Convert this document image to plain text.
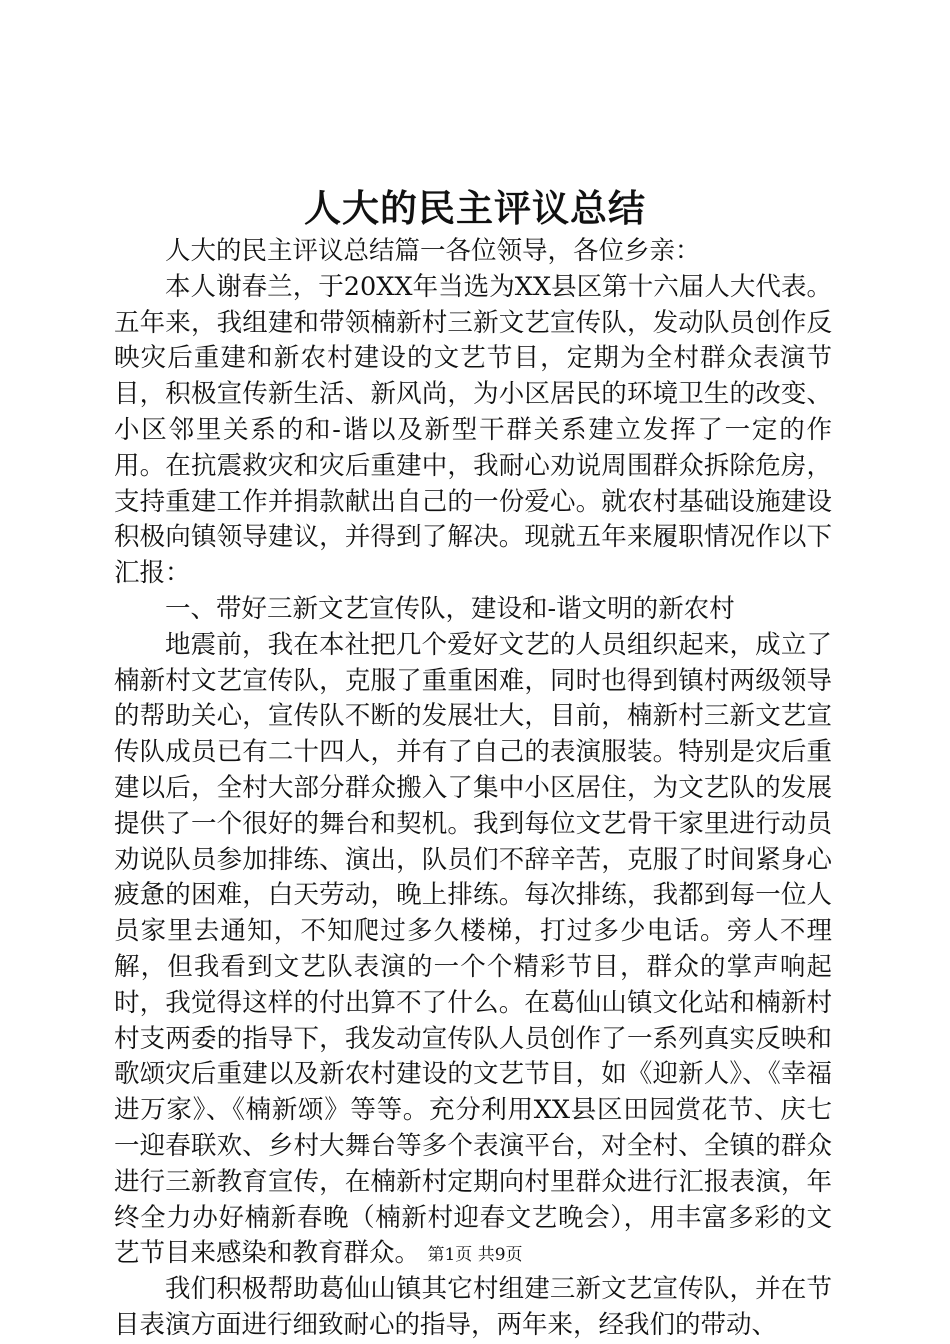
人大的民主评议总结

人大的民主评议总结篇一各位领导，各位乡亲：

本人谢春兰，于20XX年当选为XX县区第十六届人大代表。五年来，我组建和带领楠新村三新文艺宣传队，发动队员创作反映灾后重建和新农村建设的文艺节目，定期为全村群众表演节目，积极宣传新生活、新风尚，为小区居民的环境卫生的改变、小区邻里关系的和-谐以及新型干群关系建立发挥了一定的作用。在抗震救灾和灾后重建中，我耐心劝说周围群众拆除危房，支持重建工作并捐款献出自己的一份爱心。就农村基础设施建设积极向镇领导建议，并得到了解决。现就五年来履职情况作以下汇报：

一、带好三新文艺宣传队，建设和-谐文明的新农村

地震前，我在本社把几个爱好文艺的人员组织起来，成立了楠新村文艺宣传队，克服了重重困难，同时也得到镇村两级领导的帮助关心，宣传队不断的发展壮大，目前，楠新村三新文艺宣传队成员已有二十四人，并有了自己的表演服装。特别是灾后重建以后，全村大部分群众搬入了集中小区居住，为文艺队的发展提供了一个很好的舞台和契机。我到每位文艺骨干家里进行动员劝说队员参加排练、演出，队员们不辞辛苦，克服了时间紧身心疲惫的困难，白天劳动，晚上排练。每次排练，我都到每一位人员家里去通知，不知爬过多久楼梯，打过多少电话。旁人不理解，但我看到文艺队表演的一个个精彩节目，群众的掌声响起时，我觉得这样的付出算不了什么。在葛仙山镇文化站和楠新村村支两委的指导下，我发动宣传队人员创作了一系列真实反映和歌颂灾后重建以及新农村建设的文艺节目，如《迎新人》、《幸福进万家》、《楠新颂》等等。充分利用XX县区田园赏花节、庆七一迎春联欢、乡村大舞台等多个表演平台，对全村、全镇的群众进行三新教育宣传，在楠新村定期向村里群众进行汇报表演，年终全力办好楠新春晚（楠新村迎春文艺晚会），用丰富多彩的文艺节目来感染和教育群众。

我们积极帮助葛仙山镇其它村组建三新文艺宣传队，并在节目表演方面进行细致耐心的指导，两年来，经我们的带动、

第1页 共9页
